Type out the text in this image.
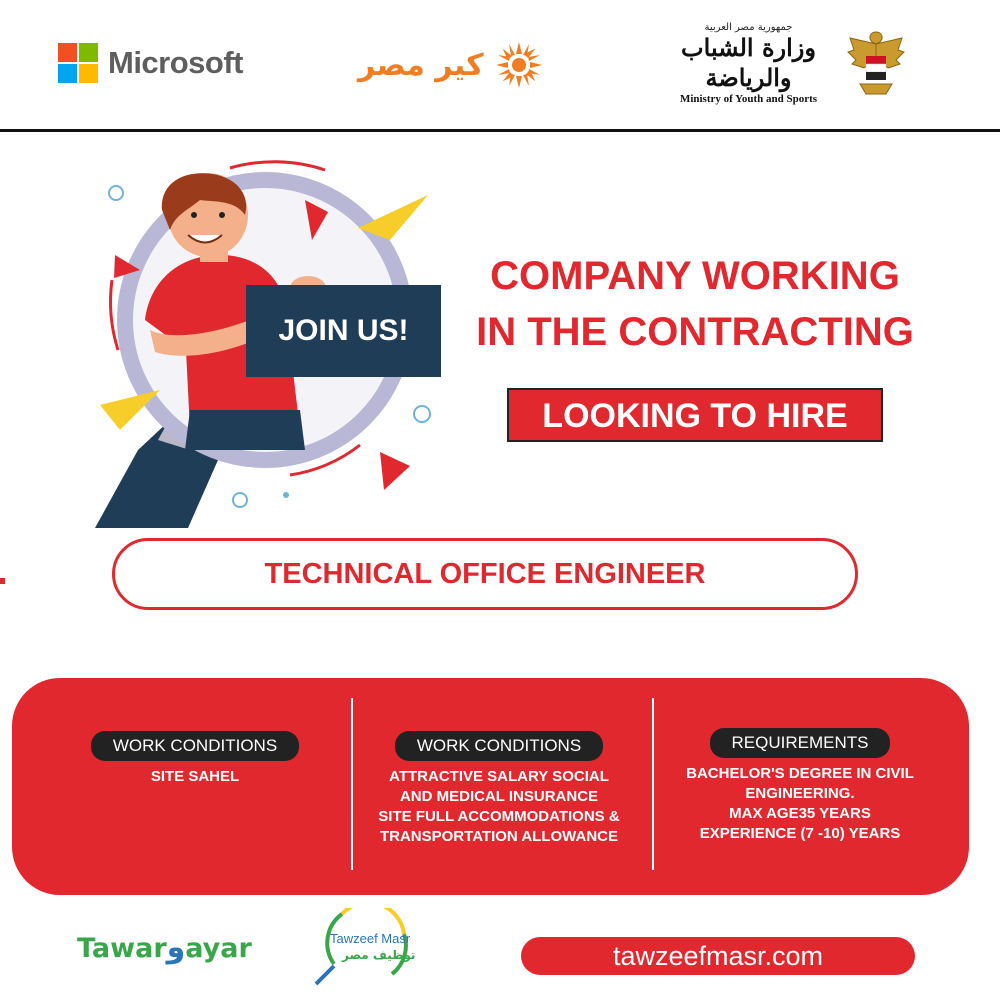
Microsoft	كير مصر
جمهورية مصر العربية
وزارة الشباب والرياضة
Ministry of Youth and Sports
JOIN US!
COMPANY WORKING
IN THE CONTRACTING
LOOKING TO HIRE
TECHNICAL OFFICE ENGINEER
WORK CONDITIONS
SITE SAHEL
WORK CONDITIONS
ATTRACTIVE SALARY SOCIAL
AND MEDICAL INSURANCE
SITE FULL ACCOMMODATIONS &
TRANSPORTATION ALLOWANCE
REQUIREMENTS
BACHELOR'S DEGREE IN CIVIL
ENGINEERING.
MAX AGE35 YEARS
EXPERIENCE (7 -10) YEARS
Tawarوayar	Tawzeef Masr
توظيف مصر	tawzeefmasr.com
